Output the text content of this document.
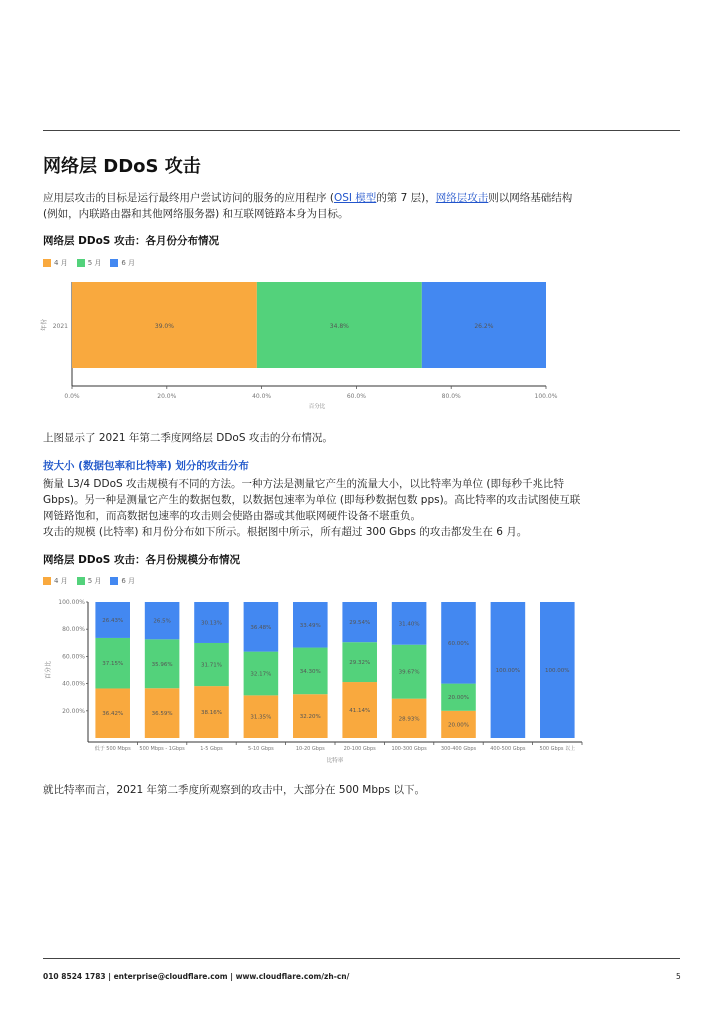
网络层 DDoS 攻击

应用层攻击的目标是运行最终用户尝试访问的服务的应用程序 (OSI 模型的第 7 层)，网络层攻击则以网络基础结构 (例如，内联路由器和其他网络服务器) 和互联网链路本身为目标。

网络层 DDoS 攻击：各月份分布情况
4 月	5 月	6 月
39.0%	34.8%	26.2%
2021
年份
0.0%	20.0%	40.0%	60.0%	80.0%	100.0%
百分比

上图显示了 2021 年第二季度网络层 DDoS 攻击的分布情况。

按大小 (数据包率和比特率) 划分的攻击分布

衡量 L3/4 DDoS 攻击规模有不同的方法。一种方法是测量它产生的流量大小，以比特率为单位 (即每秒千兆比特 Gbps)。另一种是测量它产生的数据包数，以数据包速率为单位 (即每秒数据包数 pps)。高比特率的攻击试图使互联网链路饱和，而高数据包速率的攻击则会使路由器或其他联网硬件设备不堪重负。

攻击的规模 (比特率) 和月份分布如下所示。根据图中所示，所有超过 300 Gbps 的攻击都发生在 6 月。

网络层 DDoS 攻击：各月份规模分布情况
4 月	5 月	6 月
20.00%
40.00%
60.00%
80.00%
100.00%
百分比
36.42%
37.15%
26.43%
低于 500 Mbps
36.59%
35.96%
26.5%
500 Mbps - 1Gbps
38.16%
31.71%
30.13%
1-5 Gbps
31.35%
32.17%
36.48%
5-10 Gbps
32.20%
34.30%
33.49%
10-20 Gbps
41.14%
29.32%
29.54%
20-100 Gbps
28.93%
39.67%
31.40%
100-300 Gbps
20.00%
20.00%
60.00%
300-400 Gbps
100.00%
400-500 Gbps
100.00%
500 Gbps 以上
比特率

就比特率而言，2021 年第二季度所观察到的攻击中，大部分在 500 Mbps 以下。

010 8524 1783 | enterprise@cloudflare.com | www.cloudflare.com/zh-cn/	5
